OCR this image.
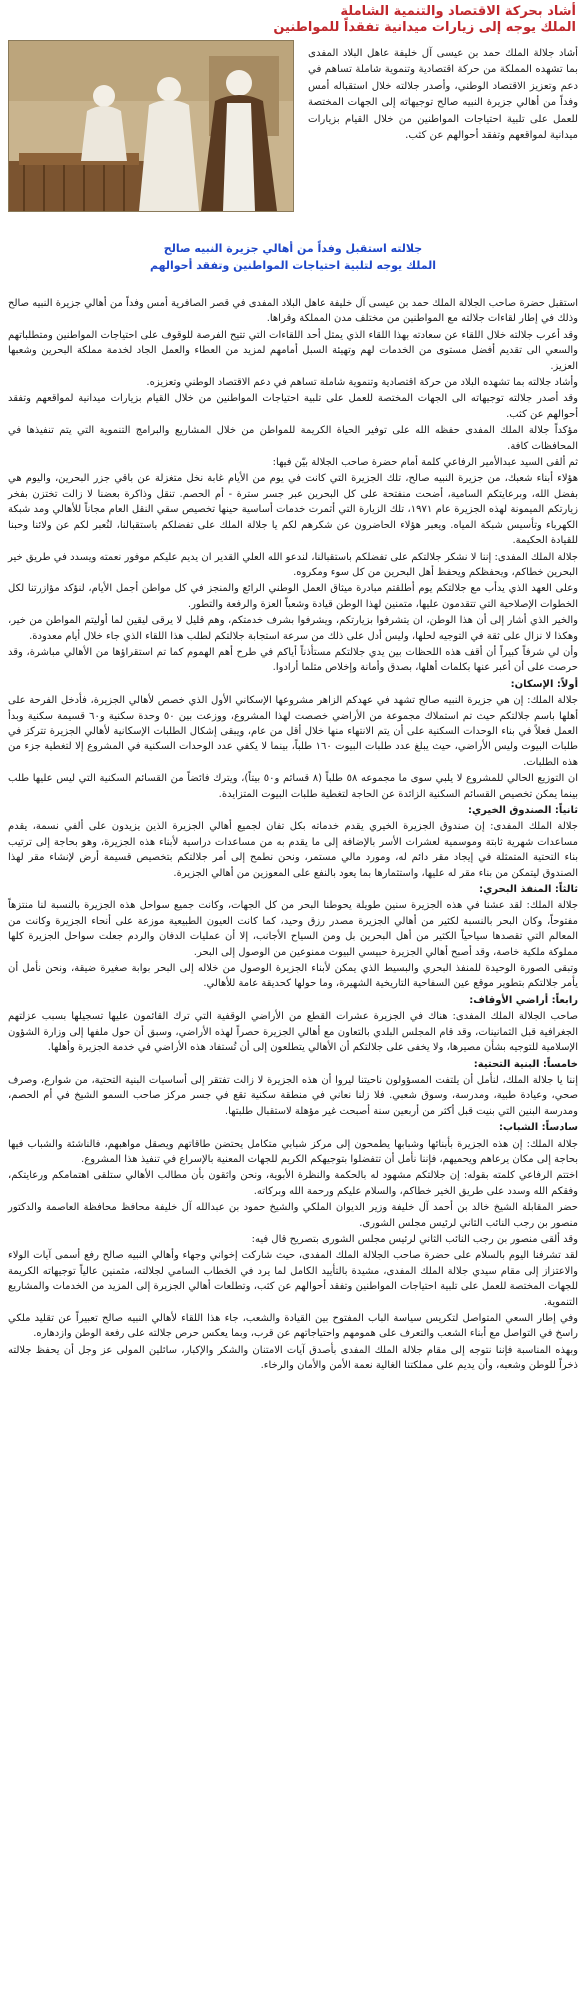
أشاد بحركة الاقتصاد والتنمية الشاملة
الملك يوجه إلى زيارات ميدانية تفقداً للمواطنين

أشاد جلالة الملك حمد بن عيسى آل خليفة عاهل البلاد المفدى بما تشهده المملكة من حركة اقتصادية وتنموية شاملة تساهم في دعم وتعزيز الاقتصاد الوطني، وأصدر جلالته خلال استقباله أمس وفداً من أهالي جزيرة النبيه صالح توجيهاته إلى الجهات المختصة للعمل على تلبية احتياجات المواطنين من خلال القيام بزيارات ميدانية لمواقعهم وتفقد أحوالهم عن كثب.

جلالته استقبل وفداً من أهالي جزيرة النبيه صالح
الملك يوجه لتلبية احتياجات المواطنين وتفقد أحوالهم

استقبل حضرة صاحب الجلالة الملك حمد بن عيسى آل خليفة عاهل البلاد المفدى في قصر الصافرية أمس وفداً من أهالي جزيرة النبيه صالح وذلك في إطار لقاءات جلالته مع المواطنين من مختلف مدن المملكة وقراها.

وقد أعرب جلالته خلال اللقاء عن سعادته بهذا اللقاء الذي يمثل أحد اللقاءات التي تتيح الفرصة للوقوف على احتياجات المواطنين ومتطلباتهم والسعي الى تقديم أفضل مستوى من الخدمات لهم وتهيئة السبل أمامهم لمزيد من العطاء والعمل الجاد لخدمة مملكة البحرين وشعبها العزيز.

وأشاد جلالته بما تشهده البلاد من حركة اقتصادية وتنموية شاملة تساهم في دعم الاقتصاد الوطني وتعزيزه.

وقد أصدر جلالته توجيهاته الى الجهات المختصة للعمل على تلبية احتياجات المواطنين من خلال القيام بزيارات ميدانية لمواقعهم وتفقد أحوالهم عن كثب.

مؤكداً جلالة الملك المفدى حفظه الله على توفير الحياة الكريمة للمواطن من خلال المشاريع والبرامج التنموية التي يتم تنفيذها في المحافظات كافة.

ثم ألقى السيد عبدالأمير الرفاعي كلمة أمام حضرة صاحب الجلالة بيّن فيها:

هؤلاء أبناء شعبك، من جزيرة النبيه صالح، تلك الجزيرة التي كانت في يوم من الأيام غابة نخل متغزلة عن باقي جزر البحرين، واليوم هي بفضل الله، وبرعايتكم السامية، أضحت منفتحة على كل البحرين عبر جسر سترة - أم الحصم. تنقل وذاكرة بعضنا لا زالت تختزن بفخر زيارتكم الميمونة لهذه الجزيرة عام ١٩٧١، تلك الزيارة التي أثمرت خدمات أساسية حينها تخصيص سقي النقل العام مجاناً للأهالي ومد شبكة الكهرباء وتأسيس شبكة المياه. ويعبر هؤلاء الحاضرون عن شكرهم لكم يا جلالة الملك على تفضلكم باستقبالنا، لنُعبر لكم عن ولائنا وحبنا للقيادة الحكيمة.

جلالة الملك المفدى: إننا لا نشكر جلالتكم على تفضلكم باستقبالنا، لندعو الله العلي القدير ان يديم عليكم موفور نعمته ويسدد في طريق خير البحرين خطاكم، ويحفظكم ويحفظ أهل البحرين من كل سوء ومكروه.

وعلى العهد الذي يدأب مع جلالتكم يوم أطلقتم مبادرة ميثاق العمل الوطني الرائع والمنجز في كل مواطن أجمل الأيام، لنؤكد مؤازرتنا لكل الخطوات الإصلاحية التي تتقدمون عليها، متمنين لهذا الوطن قيادة وشعباً العزة والرفعة والتطور.

والخير الذي أشار إلى أن هذا الوطن، ان يتشرفوا بزيارتكم، ويشرفوا بشرف خدمتكم، وهم قليل لا يرقى ليقين لما أوليتم المواطن من خير، وهكذا لا نزال على ثقة في التوجيه لحلها، وليس أدل على ذلك من سرعة استجابة جلالتكم لطلب هذا اللقاء الذي جاء خلال أيام معدودة.

وأن لي شرفاً كبيراً أن أقف هذه اللحظات بين يدي جلالتكم مستأذناً أياكم في طرح أهم الهموم كما تم استقراؤها من الأهالي مباشرة، وقد حرصت على أن أعبر عنها بكلمات أهلها، بصدق وأمانة وإخلاص مثلما أرادوا.

أولاً: الإسكان:

جلالة الملك: إن هي جزيرة النبيه صالح تشهد في عهدكم الزاهر مشروعها الإسكاني الأول الذي خصص لأهالي الجزيرة، فأدخل الفرحة على أهلها باسم جلالتكم حيث تم استملاك مجموعة من الأراضي خصصت لهذا المشروع، ووزعت بين ٥٠ وحدة سكنية و٦٠ قسيمة سكنية وبدأ العمل فعلاً في بناء الوحدات السكنية على أن يتم الانتهاء منها خلال أقل من عام، ويبقى إشكال الطلبات الإسكانية لأهالي الجزيرة تتركز في طلبات البيوت وليس الأراضي، حيث يبلغ عدد طلبات البيوت ١٦٠ طلباً، بينما لا يكفي عدد الوحدات السكنية في المشروع إلا لتغطية جزء من هذه الطلبات.

ان التوزيع الحالي للمشروع لا يلبي سوى ما مجموعه ٥٨ طلباً (٨ قسائم و٥٠ بيتاً)، ويترك فائضاً من القسائم السكنية التي ليس عليها طلب بينما يمكن تخصيص القسائم السكنية الزائدة عن الحاجة لتغطية طلبات البيوت المتزايدة.

ثانياً: الصندوق الخيري:

جلالة الملك المفدى: إن صندوق الجزيرة الخيري يقدم خدماته بكل تفان لجميع أهالي الجزيرة الذين يزيدون على ألفي نسمة، يقدم مساعدات شهرية ثابتة وموسمية لعشرات الأسر بالإضافة إلى ما يقدم به من مساعدات دراسية لأبناء هذه الجزيرة، وهو بحاجة إلى ترتيب بناء التحتية المتمثلة في إيجاد مقر دائم له، ومورد مالي مستمر، ونحن نطمح إلى أمر جلالتكم بتخصيص قسيمة أرض لإنشاء مقر لهذا الصندوق ليتمكن من بناء مقر له عليها، واستثمارها بما يعود بالنفع على المعوزين من أهالي الجزيرة.

ثالثاً: المنفذ البحري:

جلالة الملك: لقد عشنا في هذه الجزيرة سنين طويلة يحوطنا البحر من كل الجهات، وكانت جميع سواحل هذه الجزيرة بالنسبة لنا منتزهاً مفتوحاً، وكان البحر بالنسبة لكثير من أهالي الجزيرة مصدر رزق وحيد، كما كانت العيون الطبيعية موزعة على أنحاء الجزيرة وكانت من المعالم التي تقصدها سياحياً الكثير من أهل البحرين بل ومن السياح الأجانب، إلا أن عمليات الدفان والردم جعلت سواحل الجزيرة كلها مملوكة ملكية خاصة، وقد أصبح أهالي الجزيرة حبيسي البيوت ممنوعين من الوصول إلى البحر.

وتبقى الصورة الوحيدة للمنفذ البحري والبسيط الذي يمكن لأبناء الجزيرة الوصول من خلاله إلى البحر بوابة صغيرة ضيقة، ونحن نأمل أن يأمر جلالتكم بتطوير موقع عين السفاحية التاريخية الشهيرة، وما حولها كحديقة عامة للأهالي.

رابعاً: أراضي الأوقاف:

صاحب الجلالة الملك المفدى: هناك في الجزيرة عشرات القطع من الأراضي الوقفية التي ترك القائمون عليها تسجيلها بسبب عزلتهم الجغرافية قبل الثمانينات، وقد قام المجلس البلدي بالتعاون مع أهالي الجزيرة حصراً لهذه الأراضي، وسبق أن حول ملفها إلى وزارة الشؤون الإسلامية للتوجيه بشأن مصيرها، ولا يخفى على جلالتكم أن الأهالي يتطلعون إلى أن تُستفاد هذه الأراضي في خدمة الجزيرة وأهلها.

خامساً: البنية التحتية:

إننا يا جلالة الملك، لنأمل أن يلتفت المسؤولون ناحيتنا ليروا أن هذه الجزيرة لا زالت تفتقر إلى أساسيات البنية التحتية، من شوارع، وصرف صحي، وعيادة طبية، ومدرسة، وسوق شعبي. فلا زلنا نعاني في منطقة سكنية تقع في جسر مركز صاحب السمو الشيخ في أم الحصم، ومدرسة البنين التي بنيت قبل أكثر من أربعين سنة أصبحت غير مؤهلة لاستقبال طلبتها.

سادساً: الشباب:

جلالة الملك: إن هذه الجزيرة بأبنائها وشبابها يطمحون إلى مركز شبابي متكامل يحتضن طاقاتهم ويصقل مواهبهم، فالناشئة والشباب فيها بحاجة إلى مكان يرعاهم ويحميهم، فإننا نأمل أن تتفضلوا بتوجيهكم الكريم للجهات المعنية بالإسراع في تنفيذ هذا المشروع.

اختتم الرفاعي كلمته بقوله: إن جلالتكم مشهود له بالحكمة والنظرة الأبوية، ونحن واثقون بأن مطالب الأهالي ستلقى اهتمامكم ورعايتكم، وفقكم الله وسدد على طريق الخير خطاكم، والسلام عليكم ورحمة الله وبركاته.

حضر المقابلة الشيخ خالد بن أحمد آل خليفة وزير الديوان الملكي والشيخ حمود بن عبدالله آل خليفة محافظ محافظة العاصمة والدكتور منصور بن رجب النائب الثاني لرئيس مجلس الشورى.

وقد ألقى منصور بن رجب النائب الثاني لرئيس مجلس الشورى بتصريح قال فيه:

لقد تشرفنا اليوم بالسلام على حضرة صاحب الجلالة الملك المفدى، حيث شاركت إخواني وجهاء وأهالي النبيه صالح رفع أسمى آيات الولاء والاعتزاز إلى مقام سيدي جلالة الملك المفدى، مشيدة بالتأييد الكامل لما يرد في الخطاب السامي لجلالته، مثمنين عالياً توجيهاته الكريمة للجهات المختصة للعمل على تلبية احتياجات المواطنين وتفقد أحوالهم عن كثب، وتطلعات أهالي الجزيرة إلى المزيد من الخدمات والمشاريع التنموية.

وفي إطار السعي المتواصل لتكريس سياسة الباب المفتوح بين القيادة والشعب، جاء هذا اللقاء لأهالي النبيه صالح تعبيراً عن تقليد ملكي راسخ في التواصل مع أبناء الشعب والتعرف على همومهم واحتياجاتهم عن قرب، وبما يعكس حرص جلالته على رفعة الوطن وازدهاره.

وبهذه المناسبة فإننا نتوجه إلى مقام جلالة الملك المفدى بأصدق آيات الامتنان والشكر والإكبار، سائلين المولى عز وجل أن يحفظ جلالته ذخراً للوطن وشعبه، وأن يديم على مملكتنا الغالية نعمة الأمن والأمان والرخاء.
